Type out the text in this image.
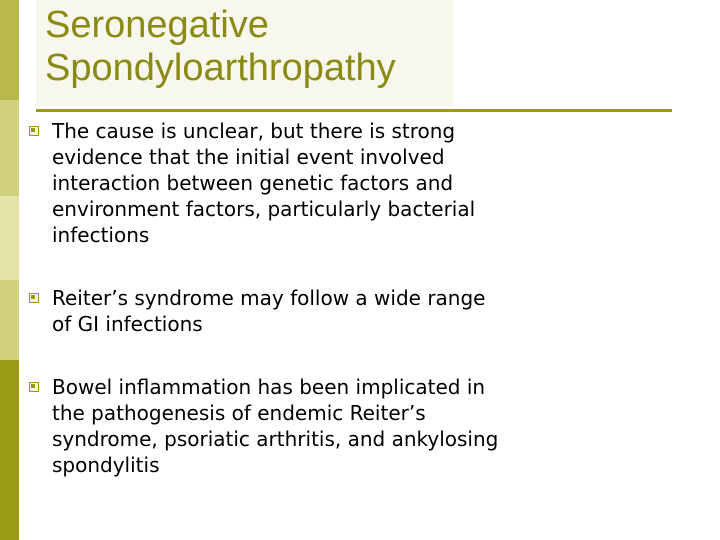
Seronegative
Spondyloarthropathy
The cause is unclear, but there is strong
evidence that the initial event involved
interaction between genetic factors and
environment factors, particularly bacterial
infections
Reiter’s syndrome may follow a wide range
of GI infections
Bowel inflammation has been implicated in
the pathogenesis of endemic Reiter’s
syndrome, psoriatic arthritis, and ankylosing
spondylitis
